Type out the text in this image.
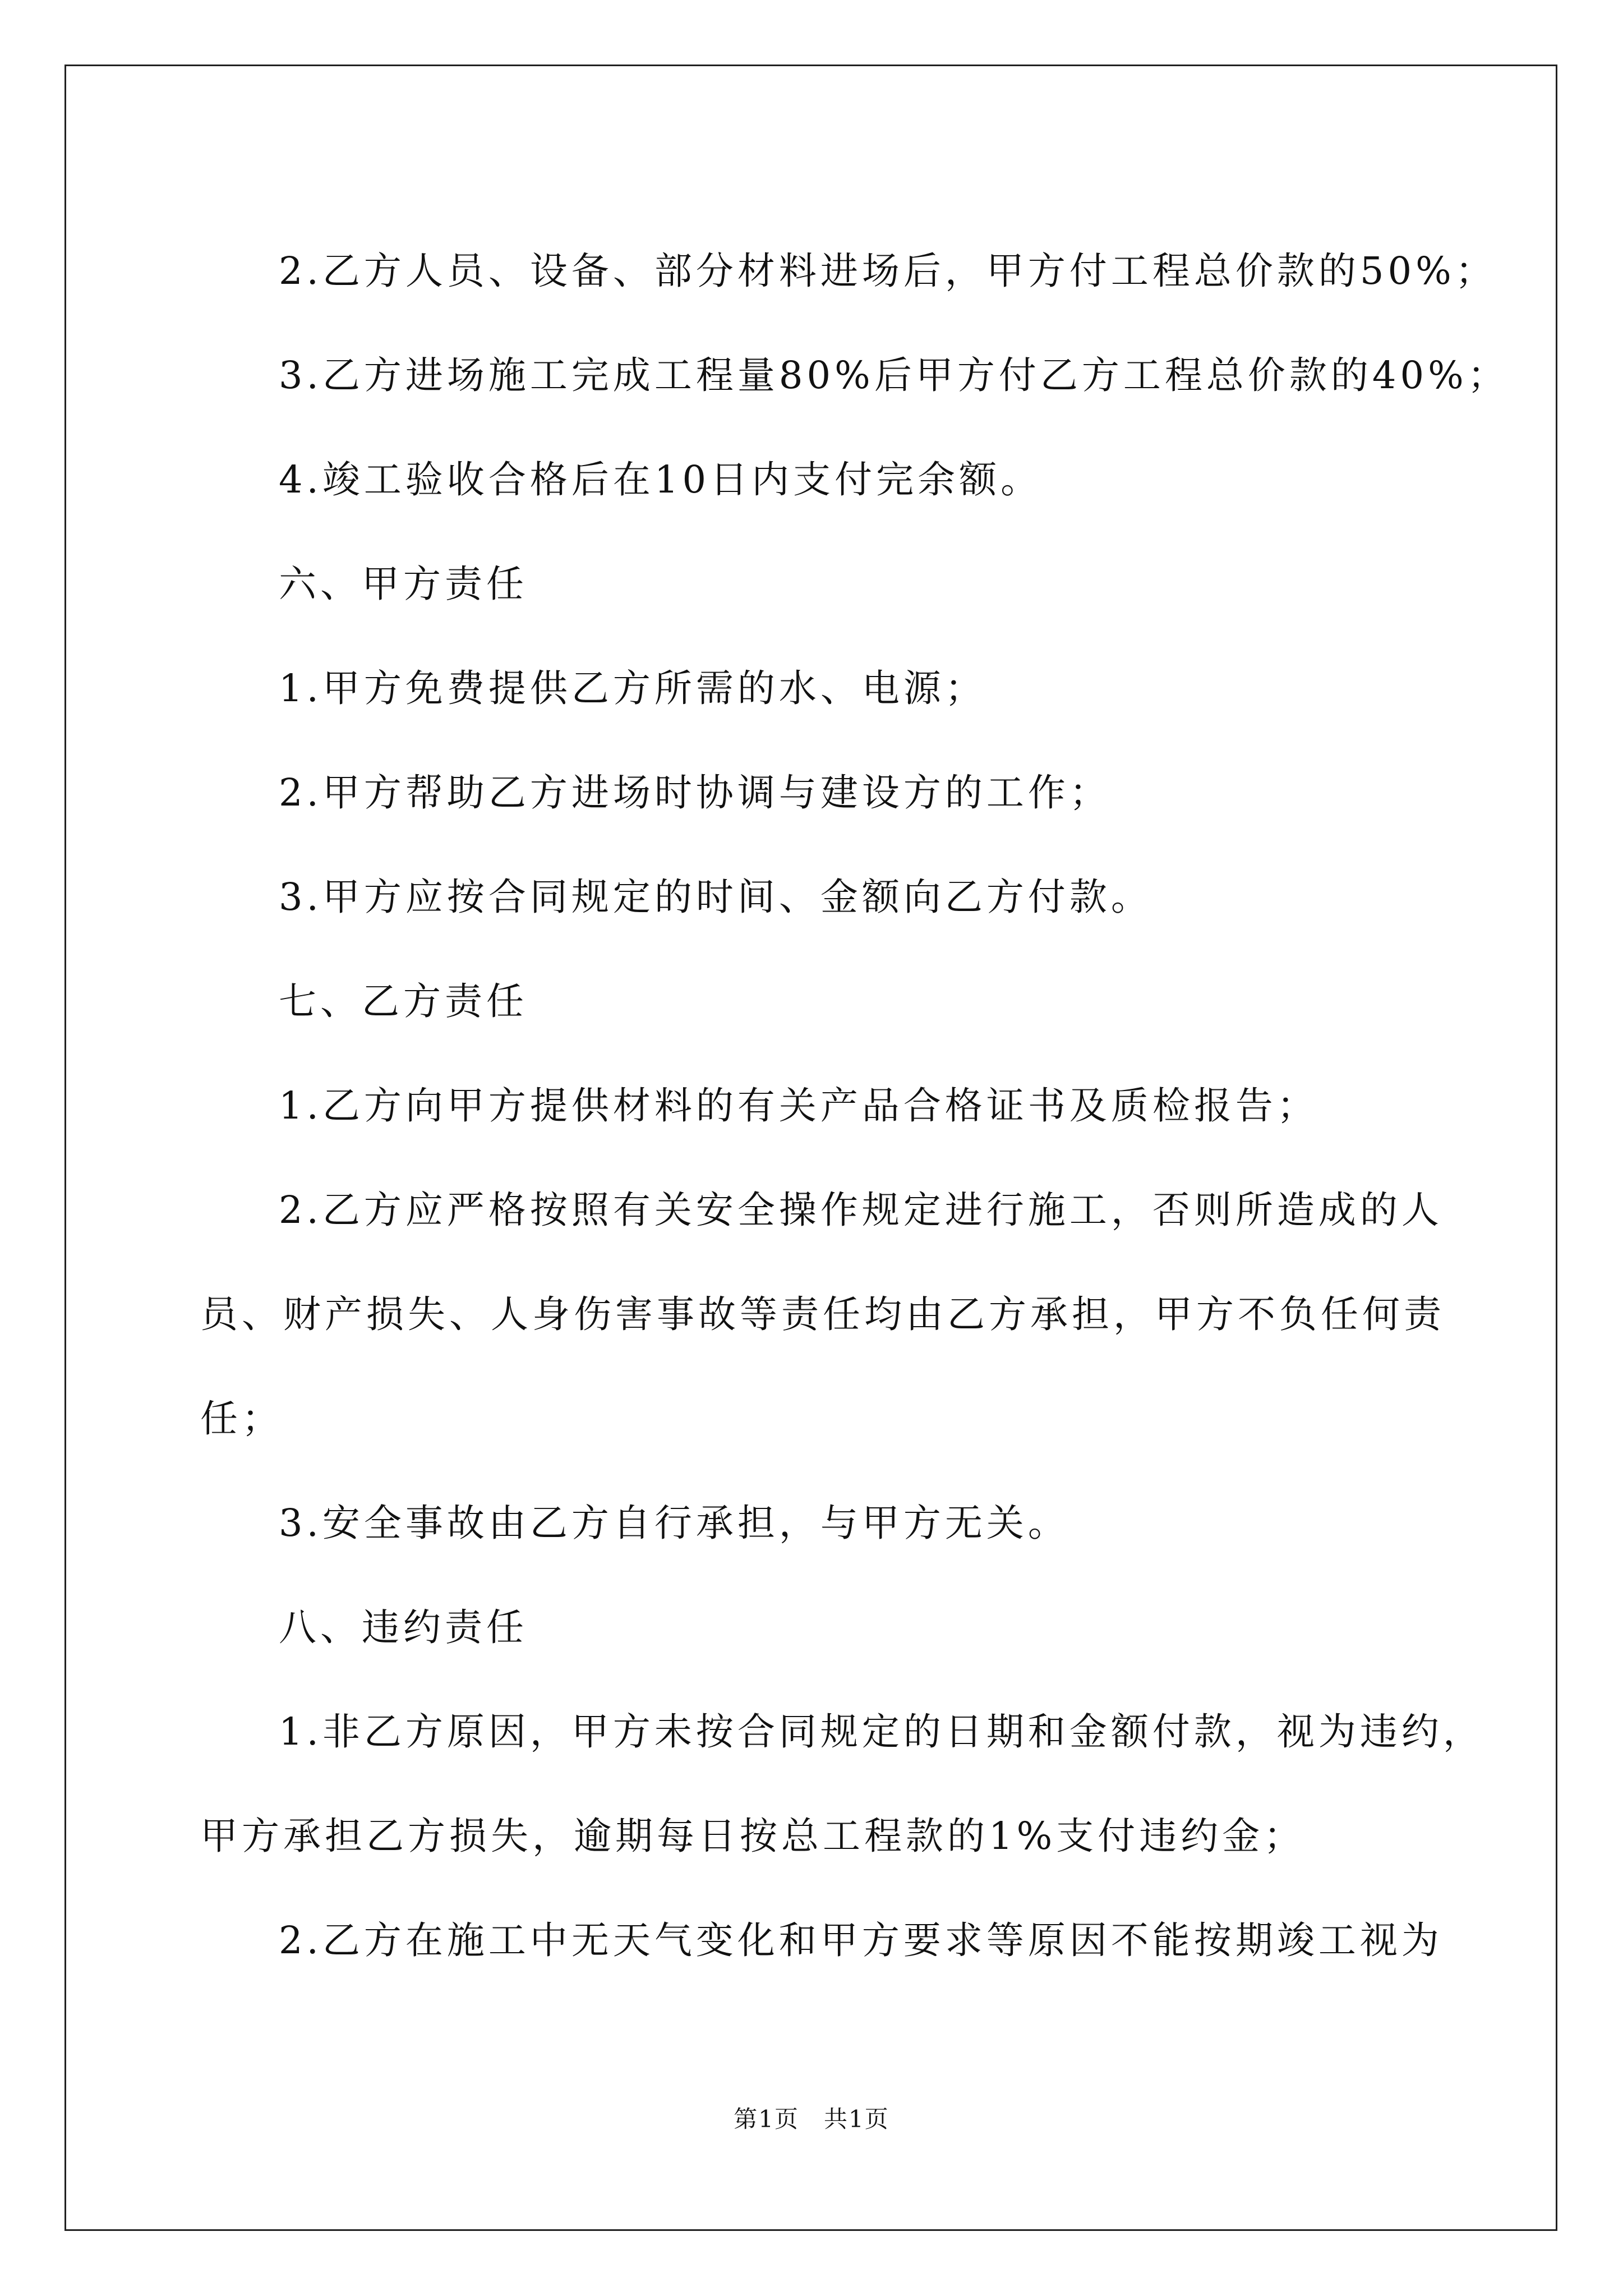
2.乙方人员、设备、部分材料进场后，甲方付工程总价款的50%；

3.乙方进场施工完成工程量80%后甲方付乙方工程总价款的40%；

4.竣工验收合格后在10日内支付完余额。

六、甲方责任

1.甲方免费提供乙方所需的水、电源；

2.甲方帮助乙方进场时协调与建设方的工作；

3.甲方应按合同规定的时间、金额向乙方付款。

七、乙方责任

1.乙方向甲方提供材料的有关产品合格证书及质检报告；

2.乙方应严格按照有关安全操作规定进行施工，否则所造成的人

员、财产损失、人身伤害事故等责任均由乙方承担，甲方不负任何责

任；

3.安全事故由乙方自行承担，与甲方无关。

八、违约责任

1.非乙方原因，甲方未按合同规定的日期和金额付款，视为违约，

甲方承担乙方损失，逾期每日按总工程款的1%支付违约金；

2.乙方在施工中无天气变化和甲方要求等原因不能按期竣工视为

第1页　共1页
